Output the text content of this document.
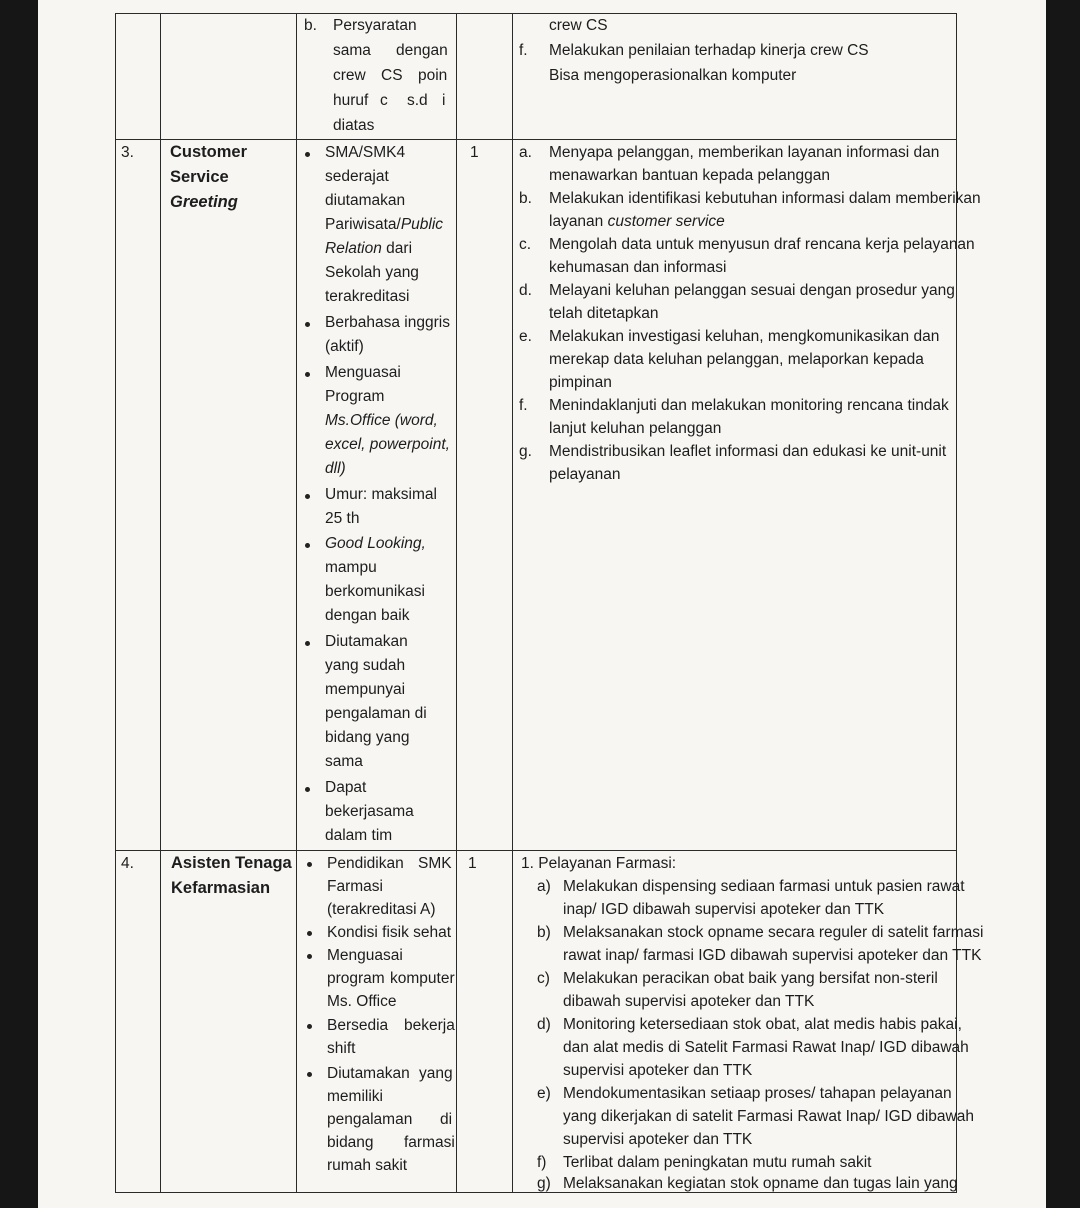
b. Persyaratan
sama dengan
crew CS poin
huruf c s.d i
diatas
crew CS
f. Melakukan penilaian terhadap kinerja crew CS
Bisa mengoperasionalkan komputer
3. Customer
Service
Greeting
1
SMA/SMK4
sederajat
diutamakan
Pariwisata/Public
Relation dari
Sekolah yang
terakreditasi
Berbahasa inggris
(aktif)
Menguasai
Program
Ms.Office (word,
excel, powerpoint,
dll)
Umur: maksimal
25 th
Good Looking,
mampu
berkomunikasi
dengan baik
Diutamakan
yang sudah
mempunyai
pengalaman di
bidang yang
sama
Dapat
bekerjasama
dalam tim
a. Menyapa pelanggan, memberikan layanan informasi dan
menawarkan bantuan kepada pelanggan
b. Melakukan identifikasi kebutuhan informasi dalam memberikan
layanan customer service
c. Mengolah data untuk menyusun draf rencana kerja pelayanan
kehumasan dan informasi
d. Melayani keluhan pelanggan sesuai dengan prosedur yang
telah ditetapkan
e. Melakukan investigasi keluhan, mengkomunikasikan dan
merekap data keluhan pelanggan, melaporkan kepada
pimpinan
f. Menindaklanjuti dan melakukan monitoring rencana tindak
lanjut keluhan pelanggan
g. Mendistribusikan leaflet informasi dan edukasi ke unit-unit
pelayanan
4. Asisten Tenaga
Kefarmasian
1
Pendidikan SMK
Farmasi
(terakreditasi A)
Kondisi fisik sehat
Menguasai
program komputer
Ms. Office
Bersedia bekerja
shift
Diutamakan yang
memiliki
pengalaman di
bidang farmasi
rumah sakit
1. Pelayanan Farmasi:
a) Melakukan dispensing sediaan farmasi untuk pasien rawat
inap/ IGD dibawah supervisi apoteker dan TTK
b) Melaksanakan stock opname secara reguler di satelit farmasi
rawat inap/ farmasi IGD dibawah supervisi apoteker dan TTK
c) Melakukan peracikan obat baik yang bersifat non-steril
dibawah supervisi apoteker dan TTK
d) Monitoring ketersediaan stok obat, alat medis habis pakai,
dan alat medis di Satelit Farmasi Rawat Inap/ IGD dibawah
supervisi apoteker dan TTK
e) Mendokumentasikan setiaap proses/ tahapan pelayanan
yang dikerjakan di satelit Farmasi Rawat Inap/ IGD dibawah
supervisi apoteker dan TTK
f) Terlibat dalam peningkatan mutu rumah sakit
g) Melaksanakan kegiatan stok opname dan tugas lain yang
